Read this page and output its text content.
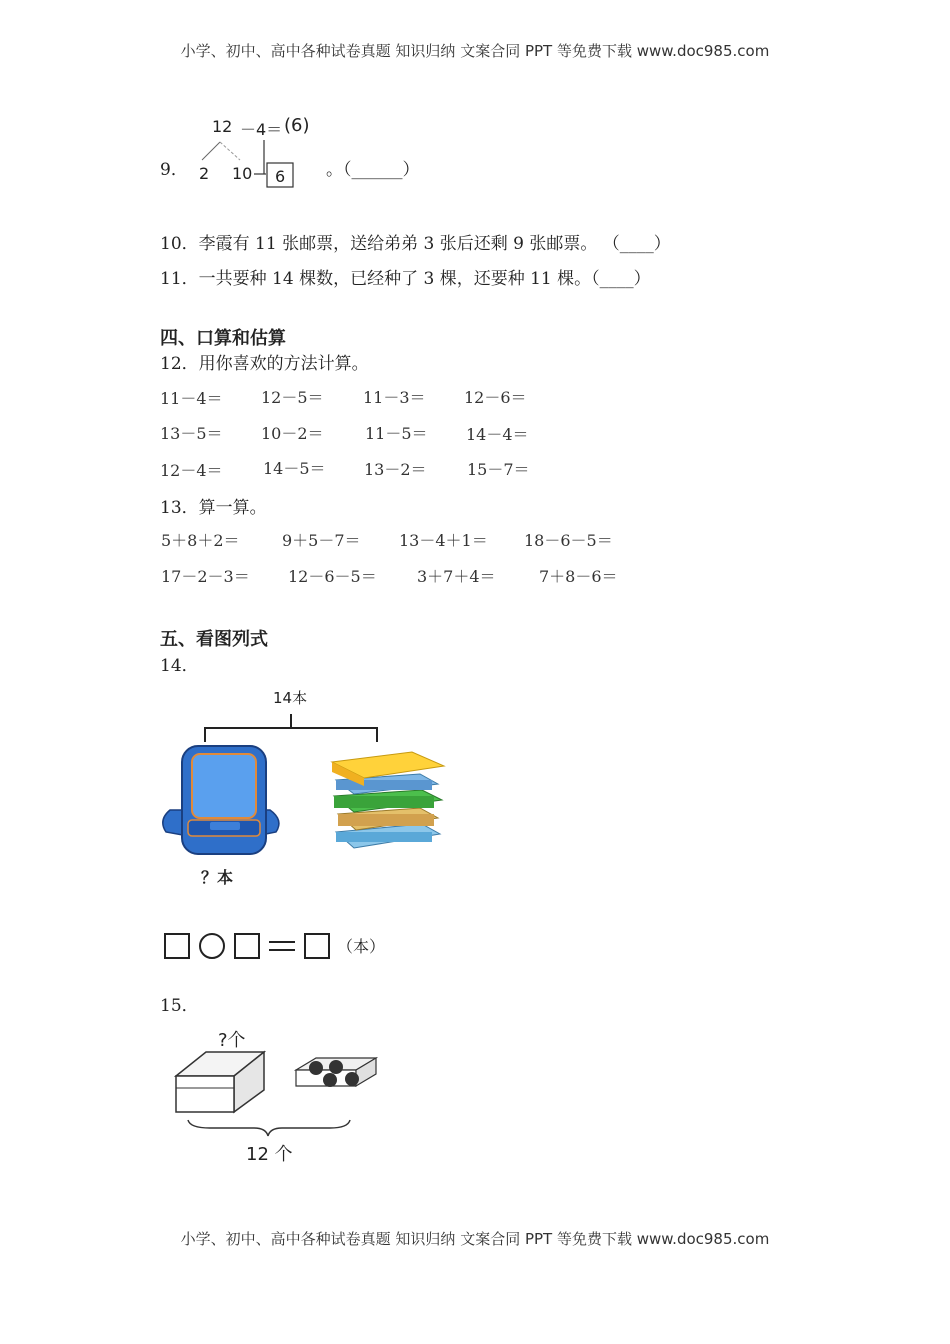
小学、初中、高中各种试卷真题 知识归纳 文案合同 PPT 等免费下载 www.doc985.com
9．
12 －4＝ (6)
2 10 6 。（______）
10．李霞有 11 张邮票，送给弟弟 3 张后还剩 9 张邮票。 （____）
11．一共要种 14 棵数，已经种了 3 棵，还要种 11 棵。（____）
四、口算和估算
12．用你喜欢的方法计算。
11－4＝ 12－5＝ 11－3＝ 12－6＝
13－5＝ 10－2＝	11－5＝ 14－4＝
12－4＝	14－5＝ 13－2＝	15－7＝
13．算一算。
5＋8＋2＝	9＋5－7＝ 13－4＋1＝ 18－6－5＝
17－2－3＝ 12－6－5＝	3＋7＋4＝	7＋8－6＝
五、看图列式
14．
14本
？本
（本）
15．
?个
12 个
小学、初中、高中各种试卷真题 知识归纳 文案合同 PPT 等免费下载 www.doc985.com
